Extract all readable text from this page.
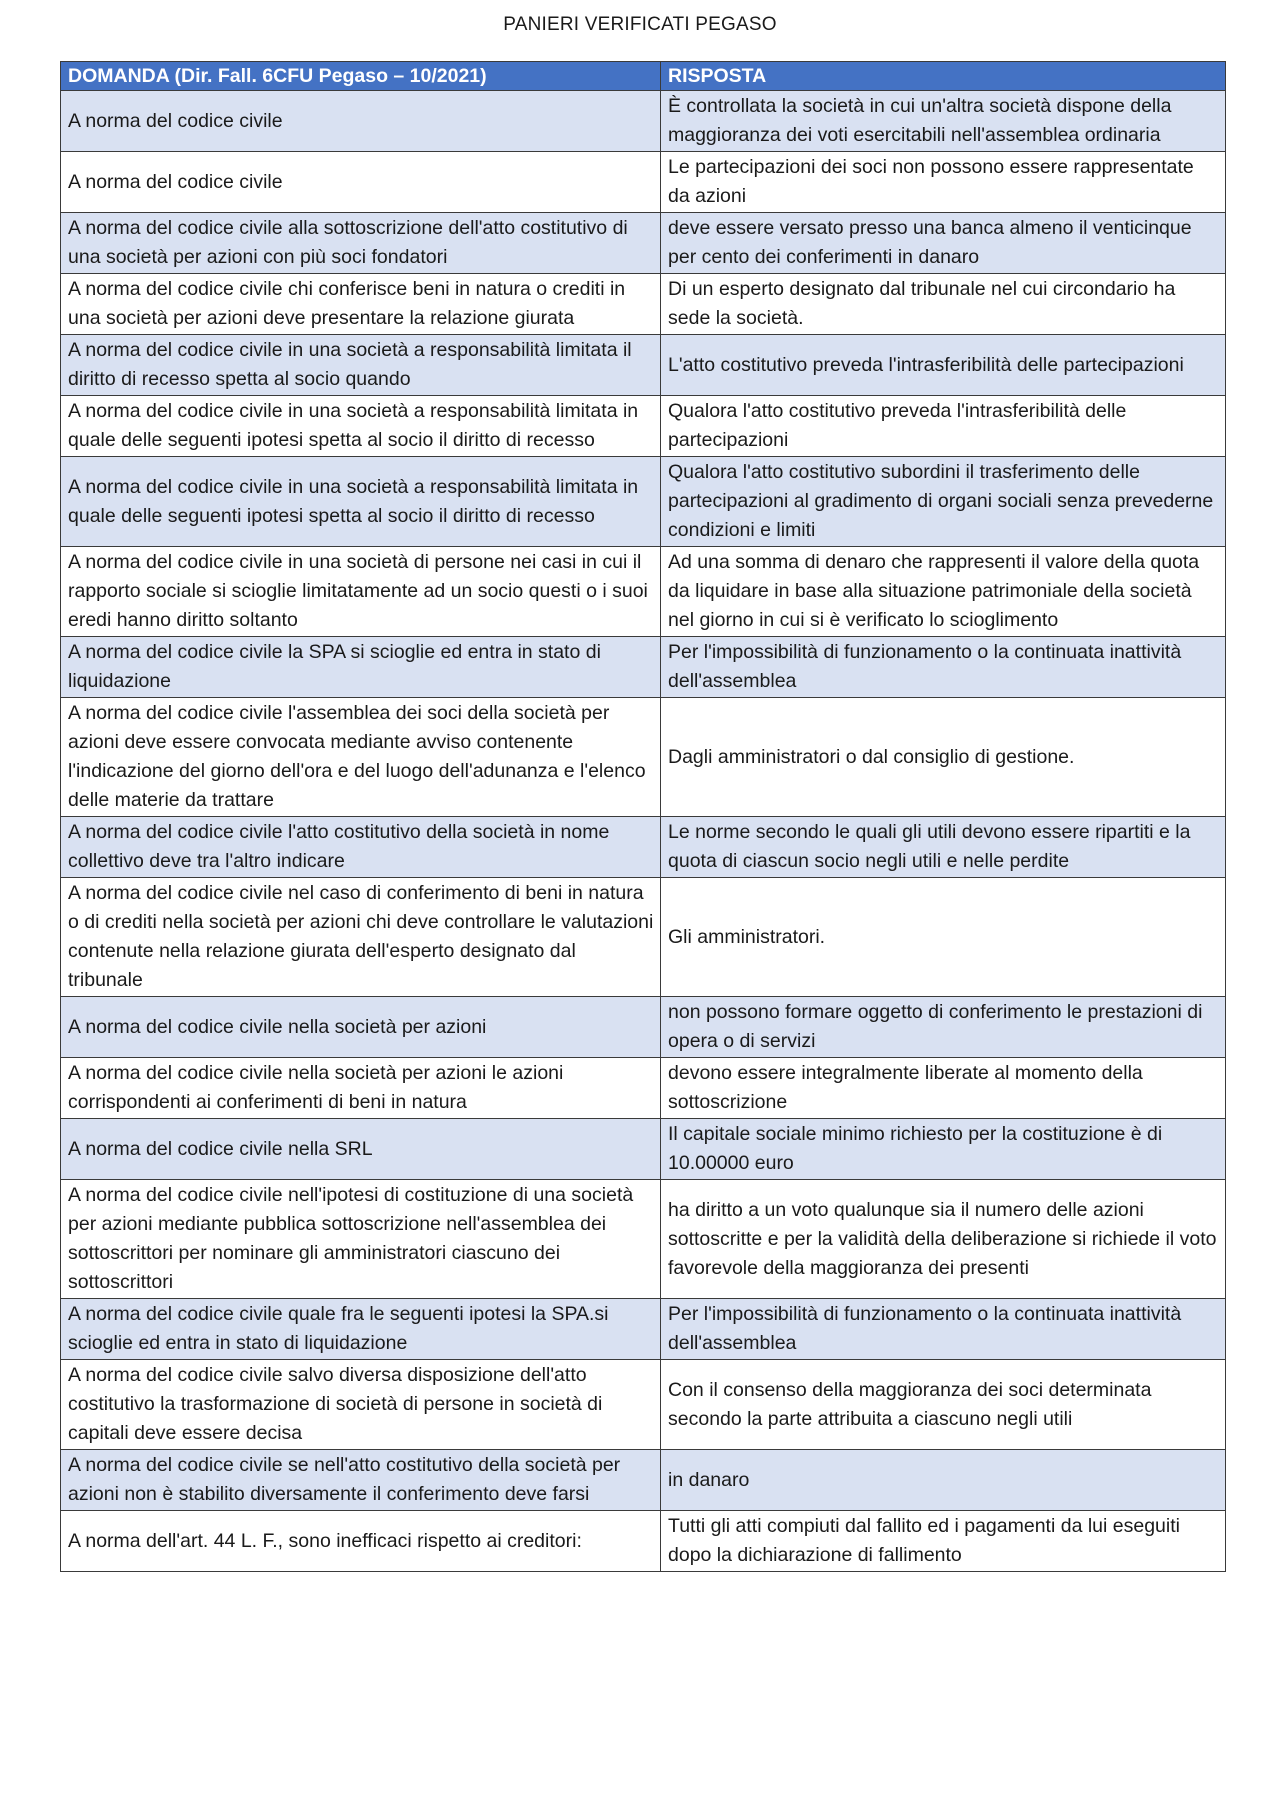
PANIERI VERIFICATI PEGASO
DOMANDA (Dir. Fall. 6CFU Pegaso – 10/2021)	RISPOSTA
A norma del codice civile	È controllata la società in cui un'altra società dispone della maggioranza dei voti esercitabili nell'assemblea ordinaria
A norma del codice civile	Le partecipazioni dei soci non possono essere rappresentate da azioni
A norma del codice civile alla sottoscrizione dell'atto costitutivo di una società per azioni con più soci fondatori	deve essere versato presso una banca almeno il venticinque per cento dei conferimenti in danaro
A norma del codice civile chi conferisce beni in natura o crediti in una società per azioni deve presentare la relazione giurata	Di un esperto designato dal tribunale nel cui circondario ha sede la società.
A norma del codice civile in una società a responsabilità limitata il diritto di recesso spetta al socio quando	L'atto costitutivo preveda l'intrasferibilità delle partecipazioni
A norma del codice civile in una società a responsabilità limitata in quale delle seguenti ipotesi spetta al socio il diritto di recesso	Qualora l'atto costitutivo preveda l'intrasferibilità delle partecipazioni
A norma del codice civile in una società a responsabilità limitata in quale delle seguenti ipotesi spetta al socio il diritto di recesso	Qualora l'atto costitutivo subordini il trasferimento delle partecipazioni al gradimento di organi sociali senza prevederne condizioni e limiti
A norma del codice civile in una società di persone nei casi in cui il rapporto sociale si scioglie limitatamente ad un socio questi o i suoi eredi hanno diritto soltanto	Ad una somma di denaro che rappresenti il valore della quota da liquidare in base alla situazione patrimoniale della società nel giorno in cui si è verificato lo scioglimento
A norma del codice civile la SPA si scioglie ed entra in stato di liquidazione	Per l'impossibilità di funzionamento o la continuata inattività dell'assemblea
A norma del codice civile l'assemblea dei soci della società per azioni deve essere convocata mediante avviso contenente l'indicazione del giorno dell'ora e del luogo dell'adunanza e l'elenco delle materie da trattare	Dagli amministratori o dal consiglio di gestione.
A norma del codice civile l'atto costitutivo della società in nome collettivo deve tra l'altro indicare	Le norme secondo le quali gli utili devono essere ripartiti e la quota di ciascun socio negli utili e nelle perdite
A norma del codice civile nel caso di conferimento di beni in natura o di crediti nella società per azioni chi deve controllare le valutazioni contenute nella relazione giurata dell'esperto designato dal tribunale	Gli amministratori.
A norma del codice civile nella società per azioni	non possono formare oggetto di conferimento le prestazioni di opera o di servizi
A norma del codice civile nella società per azioni le azioni corrispondenti ai conferimenti di beni in natura	devono essere integralmente liberate al momento della sottoscrizione
A norma del codice civile nella SRL	Il capitale sociale minimo richiesto per la costituzione è di 10.00000 euro
A norma del codice civile nell'ipotesi di costituzione di una società per azioni mediante pubblica sottoscrizione nell'assemblea dei sottoscrittori per nominare gli amministratori ciascuno dei sottoscrittori	ha diritto a un voto qualunque sia il numero delle azioni sottoscritte e per la validità della deliberazione si richiede il voto favorevole della maggioranza dei presenti
A norma del codice civile quale fra le seguenti ipotesi la SPA.si scioglie ed entra in stato di liquidazione	Per l'impossibilità di funzionamento o la continuata inattività dell'assemblea
A norma del codice civile salvo diversa disposizione dell'atto costitutivo la trasformazione di società di persone in società di capitali deve essere decisa	Con il consenso della maggioranza dei soci determinata secondo la parte attribuita a ciascuno negli utili
A norma del codice civile se nell'atto costitutivo della società per azioni non è stabilito diversamente il conferimento deve farsi	in danaro
A norma dell'art. 44 L. F., sono inefficaci rispetto ai creditori:	Tutti gli atti compiuti dal fallito ed i pagamenti da lui eseguiti dopo la dichiarazione di fallimento
